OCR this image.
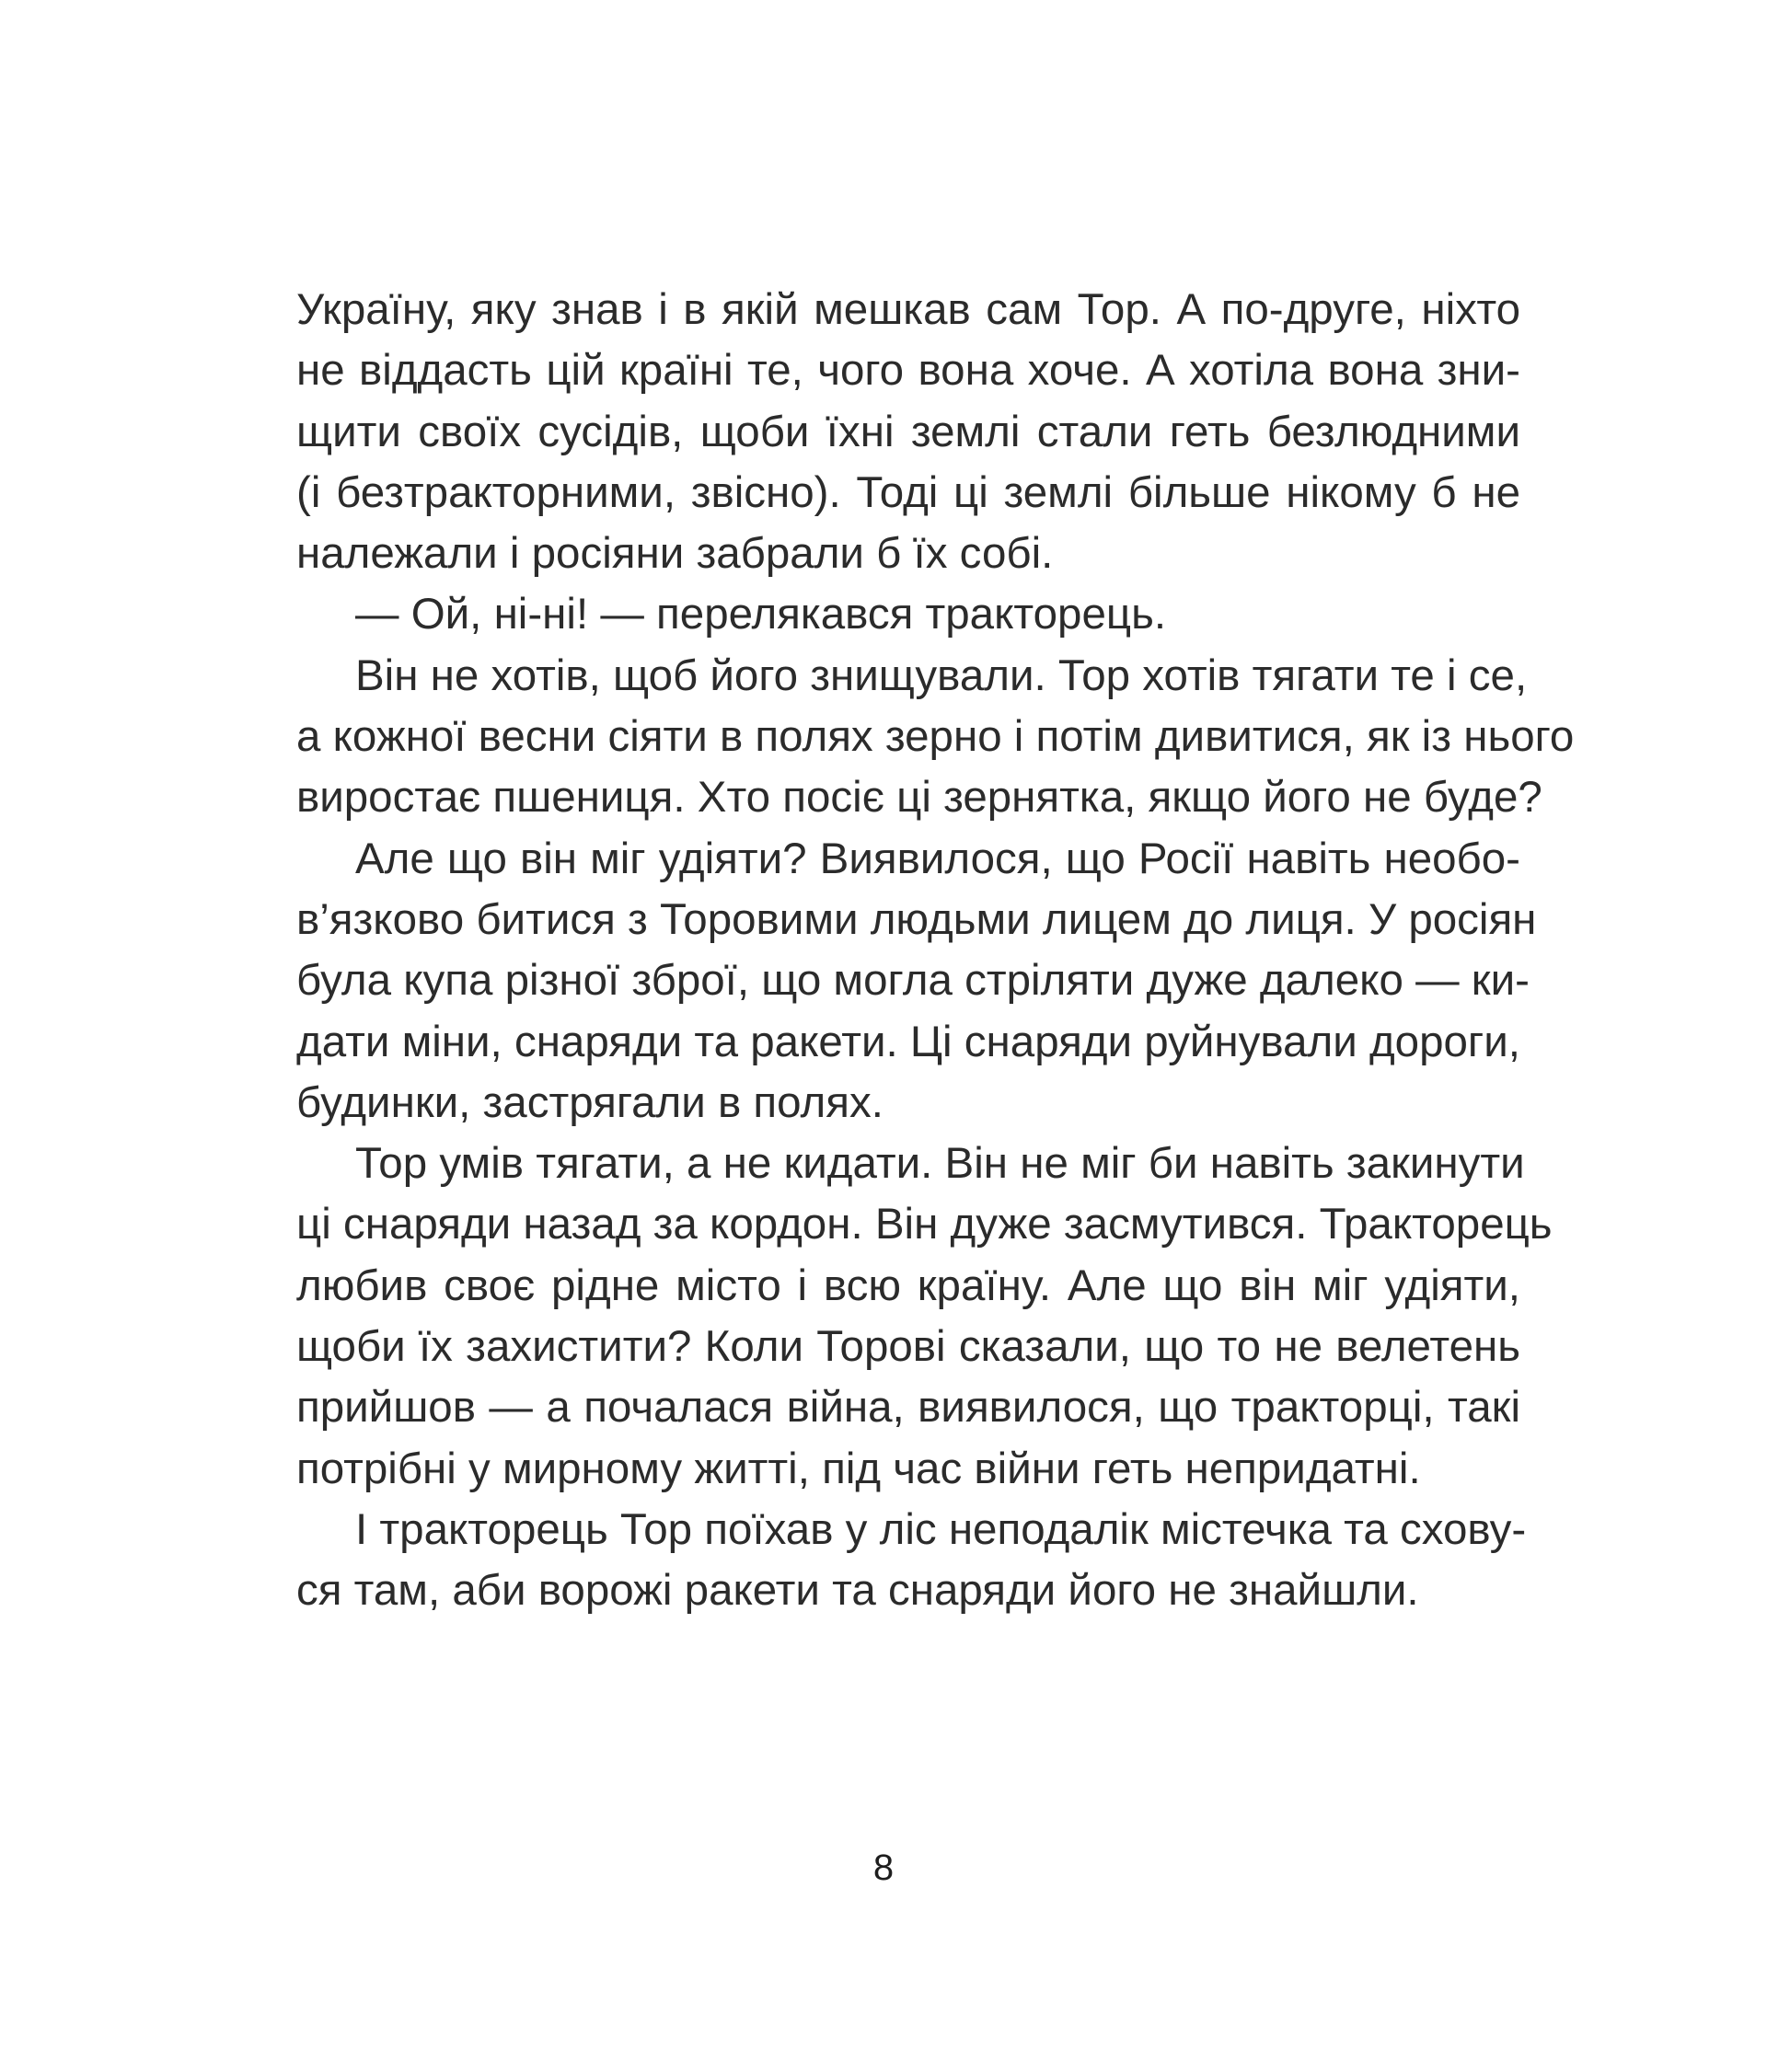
Україну, яку знав і в якій мешкав сам Тор. А по-друге, ніхто
не віддасть цій країні те, чого вона хоче. А хотіла вона зни-
щити своїх сусідів, щоби їхні землі стали геть безлюдними
(і безтракторними, звісно). Тоді ці землі більше нікому б не
належали і росіяни забрали б їх собі.
— Ой, ні-ні! — перелякався тракторець.
Він не хотів, щоб його знищували. Тор хотів тягати те і се,
а кожної весни сіяти в полях зерно і потім дивитися, як із нього
виростає пшениця. Хто посіє ці зернятка, якщо його не буде?
Але що він міг удіяти? Виявилося, що Росії навіть необо-
в’язково битися з Торовими людьми лицем до лиця. У росіян
була купа різної зброї, що могла стріляти дуже далеко — ки-
дати міни, снаряди та ракети. Ці снаряди руйнували дороги,
будинки, застрягали в полях.
Тор умів тягати, а не кидати. Він не міг би навіть закинути
ці снаряди назад за кордон. Він дуже засмутився. Тракторець
любив своє рідне місто і всю країну. Але що він міг удіяти,
щоби їх захистити? Коли Торові сказали, що то не велетень
прийшов — а почалася війна, виявилося, що тракторці, такі
потрібні у мирному житті, під час війни геть непридатні.
І тракторець Тор поїхав у ліс неподалік містечка та схову-
ся там, аби ворожі ракети та снаряди його не знайшли.
8
